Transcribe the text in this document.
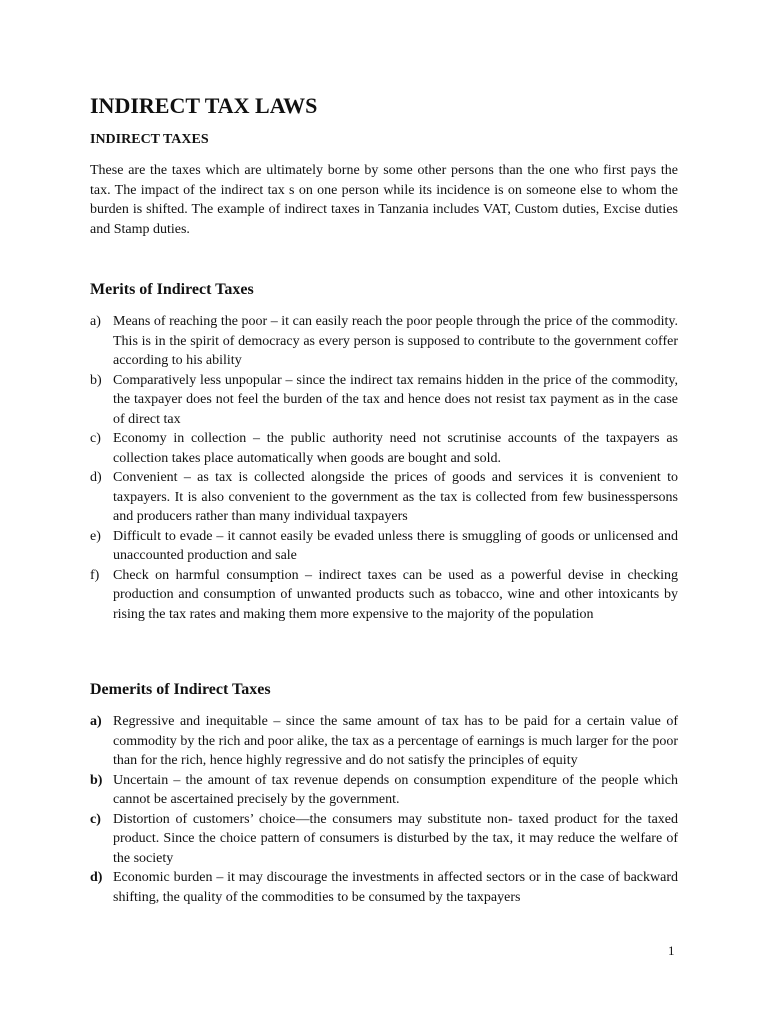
INDIRECT TAX LAWS
INDIRECT TAXES

These are the taxes which are ultimately borne by some other persons than the one who first pays the tax. The impact of the indirect tax s on one person while its incidence is on someone else to whom the burden is shifted. The example of indirect taxes in Tanzania includes VAT, Custom duties, Excise duties and Stamp duties.

Merits of Indirect Taxes
a) Means of reaching the poor – it can easily reach the poor people through the price of the commodity. This is in the spirit of democracy as every person is supposed to contribute to the government coffer according to his ability
b) Comparatively less unpopular – since the indirect tax remains hidden in the price of the commodity, the taxpayer does not feel the burden of the tax and hence does not resist tax payment as in the case of direct tax
c) Economy in collection – the public authority need not scrutinise accounts of the taxpayers as collection takes place automatically when goods are bought and sold.
d) Convenient – as tax is collected alongside the prices of goods and services it is convenient to taxpayers. It is also convenient to the government as the tax is collected from few businesspersons and producers rather than many individual taxpayers
e) Difficult to evade – it cannot easily be evaded unless there is smuggling of goods or unlicensed and unaccounted production and sale
f) Check on harmful consumption – indirect taxes can be used as a powerful devise in checking production and consumption of unwanted products such as tobacco, wine and other intoxicants by rising the tax rates and making them more expensive to the majority of the population
Demerits of Indirect Taxes
a) Regressive and inequitable – since the same amount of tax has to be paid for a certain value of commodity by the rich and poor alike, the tax as a percentage of earnings is much larger for the poor than for the rich, hence highly regressive and do not satisfy the principles of equity
b) Uncertain – the amount of tax revenue depends on consumption expenditure of the people which cannot be ascertained precisely by the government.
c) Distortion of customers’ choice—the consumers may substitute non- taxed product for the taxed product. Since the choice pattern of consumers is disturbed by the tax, it may reduce the welfare of the society
d) Economic burden – it may discourage the investments in affected sectors or in the case of backward shifting, the quality of the commodities to be consumed by the taxpayers
1
